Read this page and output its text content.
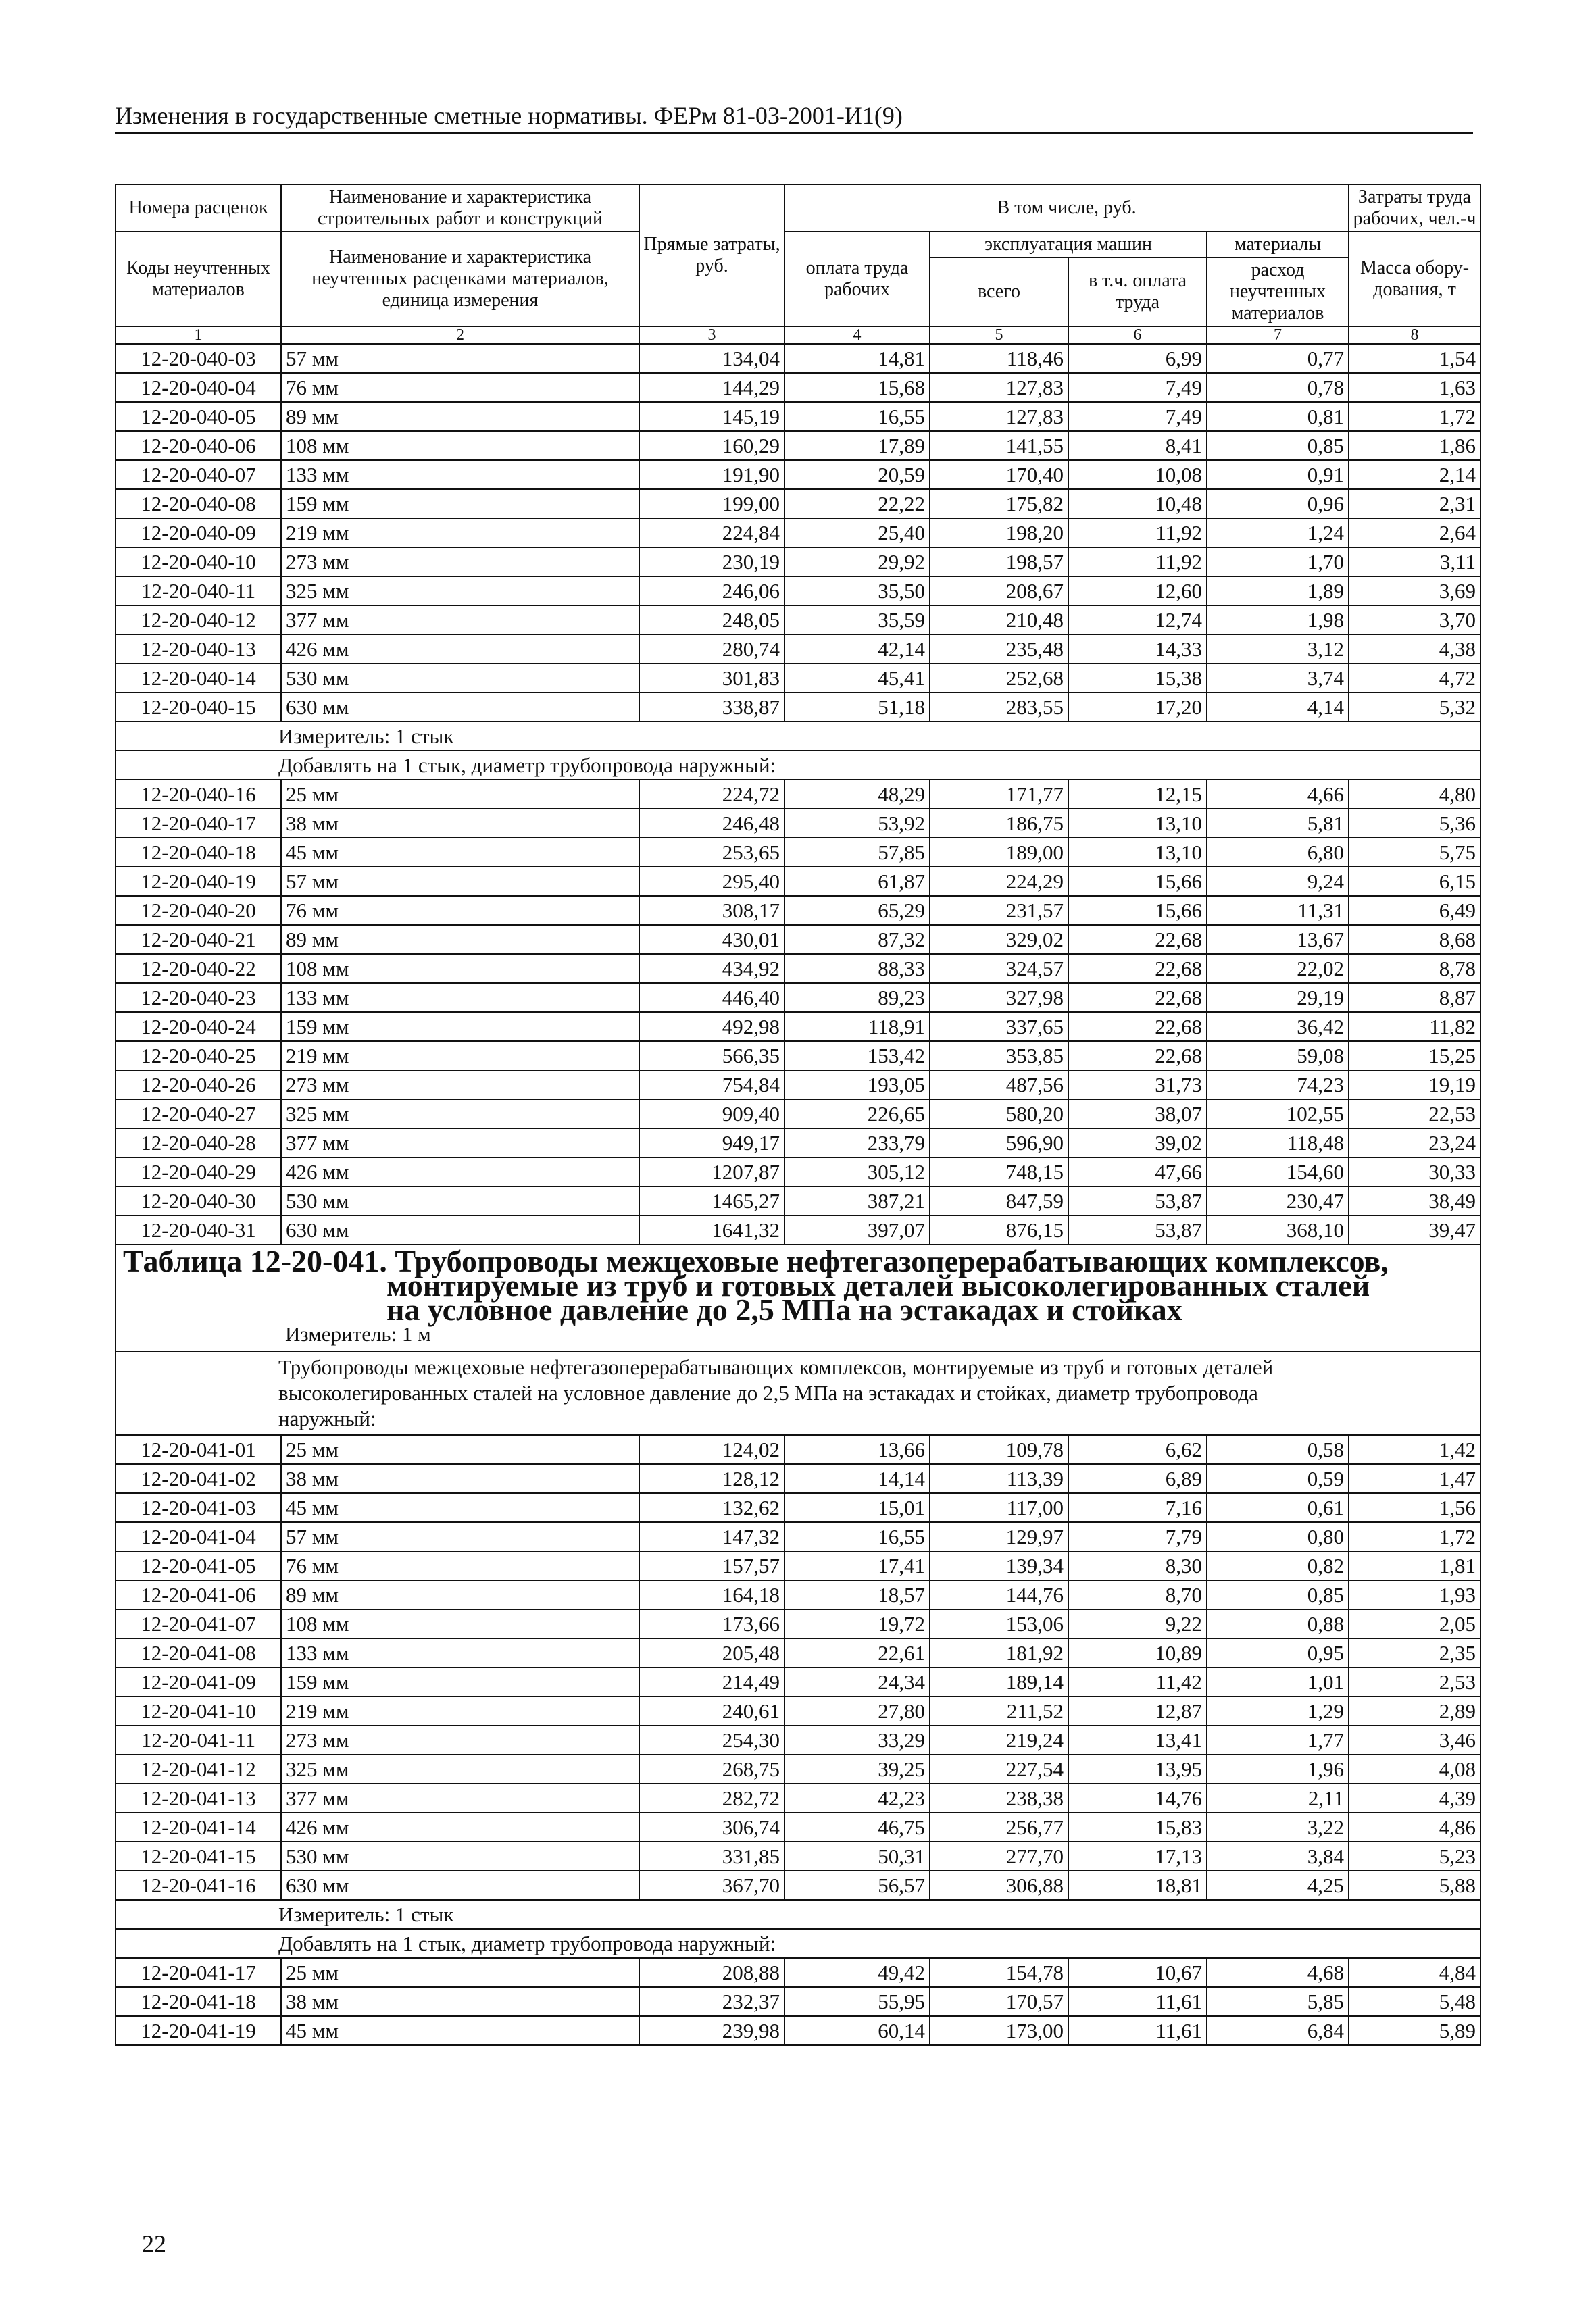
Изменения в государственные сметные нормативы. ФЕРм 81-03-2001-И1(9)
Номера расценок	Наименование и характеристика строительных работ и конструкций	Прямые затраты, руб.	В том числе, руб.				Затраты труда рабочих, чел.-ч
Коды неучтенных материалов	Наименование и характеристика неучтенных расценками материалов, единица измерения		оплата труда рабочих	эксплуатация машин		материалы	Масса обору-дования, т
				всего	в т.ч. оплата труда	расход неучтенных материалов	
1	2	3	4	5	6	7	8
12-20-040-03	57 мм	134,04	14,81	118,46	6,99	0,77	1,54
12-20-040-04	76 мм	144,29	15,68	127,83	7,49	0,78	1,63
12-20-040-05	89 мм	145,19	16,55	127,83	7,49	0,81	1,72
12-20-040-06	108 мм	160,29	17,89	141,55	8,41	0,85	1,86
12-20-040-07	133 мм	191,90	20,59	170,40	10,08	0,91	2,14
12-20-040-08	159 мм	199,00	22,22	175,82	10,48	0,96	2,31
12-20-040-09	219 мм	224,84	25,40	198,20	11,92	1,24	2,64
12-20-040-10	273 мм	230,19	29,92	198,57	11,92	1,70	3,11
12-20-040-11	325 мм	246,06	35,50	208,67	12,60	1,89	3,69
12-20-040-12	377 мм	248,05	35,59	210,48	12,74	1,98	3,70
12-20-040-13	426 мм	280,74	42,14	235,48	14,33	3,12	4,38
12-20-040-14	530 мм	301,83	45,41	252,68	15,38	3,74	4,72
12-20-040-15	630 мм	338,87	51,18	283,55	17,20	4,14	5,32
Измеритель: 1 стык							
Добавлять на 1 стык, диаметр трубопровода наружный:							
12-20-040-16	25 мм	224,72	48,29	171,77	12,15	4,66	4,80
12-20-040-17	38 мм	246,48	53,92	186,75	13,10	5,81	5,36
12-20-040-18	45 мм	253,65	57,85	189,00	13,10	6,80	5,75
12-20-040-19	57 мм	295,40	61,87	224,29	15,66	9,24	6,15
12-20-040-20	76 мм	308,17	65,29	231,57	15,66	11,31	6,49
12-20-040-21	89 мм	430,01	87,32	329,02	22,68	13,67	8,68
12-20-040-22	108 мм	434,92	88,33	324,57	22,68	22,02	8,78
12-20-040-23	133 мм	446,40	89,23	327,98	22,68	29,19	8,87
12-20-040-24	159 мм	492,98	118,91	337,65	22,68	36,42	11,82
12-20-040-25	219 мм	566,35	153,42	353,85	22,68	59,08	15,25
12-20-040-26	273 мм	754,84	193,05	487,56	31,73	74,23	19,19
12-20-040-27	325 мм	909,40	226,65	580,20	38,07	102,55	22,53
12-20-040-28	377 мм	949,17	233,79	596,90	39,02	118,48	23,24
12-20-040-29	426 мм	1207,87	305,12	748,15	47,66	154,60	30,33
12-20-040-30	530 мм	1465,27	387,21	847,59	53,87	230,47	38,49
12-20-040-31	630 мм	1641,32	397,07	876,15	53,87	368,10	39,47

Таблица 12-20-041. Трубопроводы межцеховые нефтегазоперерабатывающих комплексов,
монтируемые из труб и готовых деталей высоколегированных сталей
на условное давление до 2,5 МПа на эстакадах и стойках
Измеритель: 1 м							

Трубопроводы межцеховые нефтегазоперерабатывающих комплексов, монтируемые из труб и готовых деталей высоколегированных сталей на условное давление до 2,5 МПа на эстакадах и стойках, диаметр трубопровода наружный:							
12-20-041-01	25 мм	124,02	13,66	109,78	6,62	0,58	1,42
12-20-041-02	38 мм	128,12	14,14	113,39	6,89	0,59	1,47
12-20-041-03	45 мм	132,62	15,01	117,00	7,16	0,61	1,56
12-20-041-04	57 мм	147,32	16,55	129,97	7,79	0,80	1,72
12-20-041-05	76 мм	157,57	17,41	139,34	8,30	0,82	1,81
12-20-041-06	89 мм	164,18	18,57	144,76	8,70	0,85	1,93
12-20-041-07	108 мм	173,66	19,72	153,06	9,22	0,88	2,05
12-20-041-08	133 мм	205,48	22,61	181,92	10,89	0,95	2,35
12-20-041-09	159 мм	214,49	24,34	189,14	11,42	1,01	2,53
12-20-041-10	219 мм	240,61	27,80	211,52	12,87	1,29	2,89
12-20-041-11	273 мм	254,30	33,29	219,24	13,41	1,77	3,46
12-20-041-12	325 мм	268,75	39,25	227,54	13,95	1,96	4,08
12-20-041-13	377 мм	282,72	42,23	238,38	14,76	2,11	4,39
12-20-041-14	426 мм	306,74	46,75	256,77	15,83	3,22	4,86
12-20-041-15	530 мм	331,85	50,31	277,70	17,13	3,84	5,23
12-20-041-16	630 мм	367,70	56,57	306,88	18,81	4,25	5,88
Измеритель: 1 стык							
Добавлять на 1 стык, диаметр трубопровода наружный:							
12-20-041-17	25 мм	208,88	49,42	154,78	10,67	4,68	4,84
12-20-041-18	38 мм	232,37	55,95	170,57	11,61	5,85	5,48
12-20-041-19	45 мм	239,98	60,14	173,00	11,61	6,84	5,89
22
